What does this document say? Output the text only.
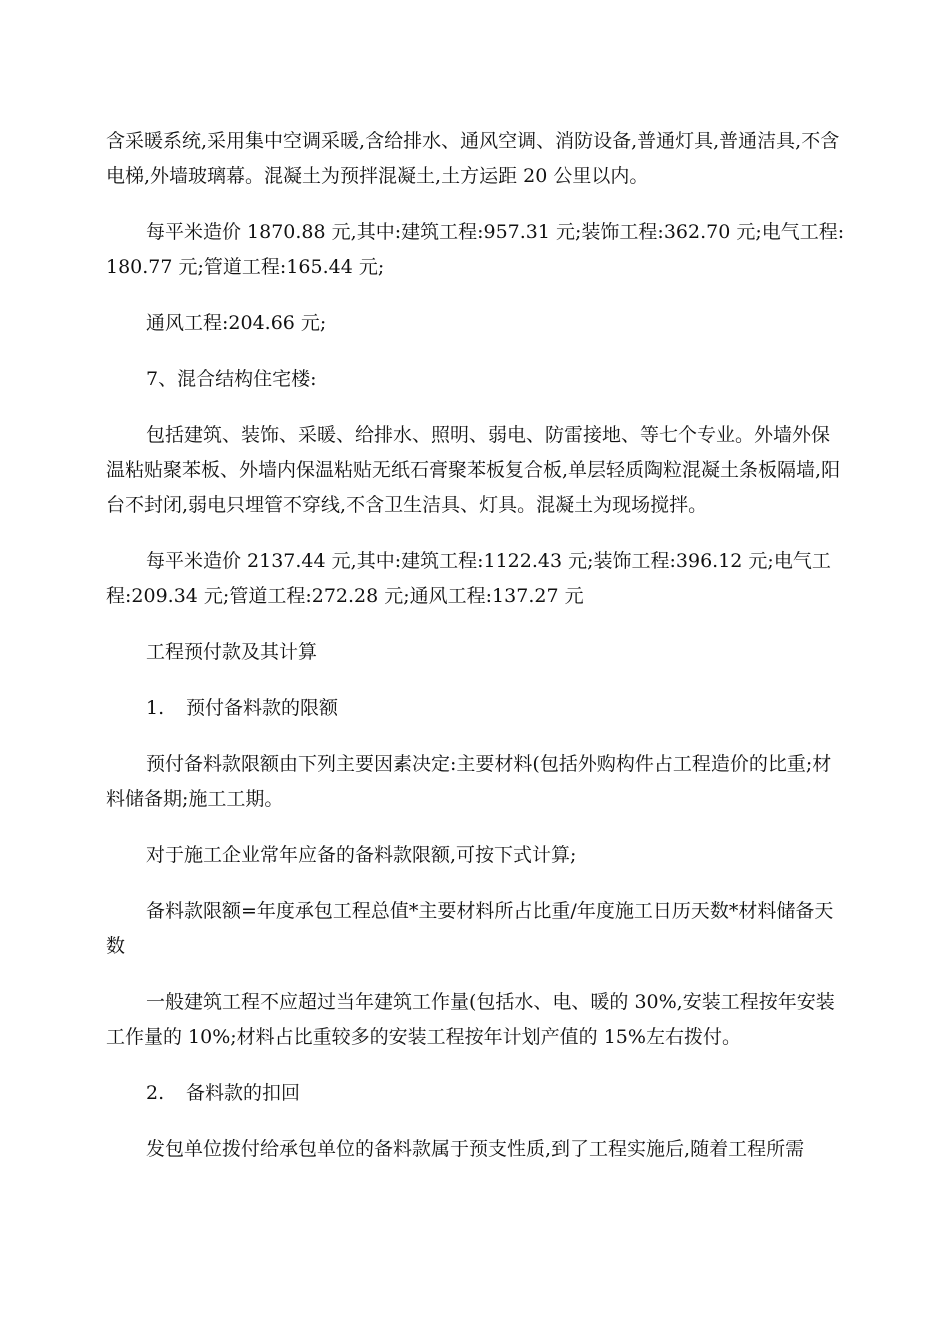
含采暖系统,采用集中空调采暖,含给排水、通风空调、消防设备,普通灯具,普通洁具,不含电梯,外墙玻璃幕。混凝土为预拌混凝土,土方运距 20 公里以内。

每平米造价 1870.88 元,其中:建筑工程:957.31 元;装饰工程:362.70 元;电气工程:180.77 元;管道工程:165.44 元;

通风工程:204.66 元;

7、混合结构住宅楼:

包括建筑、装饰、采暖、给排水、照明、弱电、防雷接地、等七个专业。外墙外保温粘贴聚苯板、外墙内保温粘贴无纸石膏聚苯板复合板,单层轻质陶粒混凝土条板隔墙,阳台不封闭,弱电只埋管不穿线,不含卫生洁具、灯具。混凝土为现场搅拌。

每平米造价 2137.44 元,其中:建筑工程:1122.43 元;装饰工程:396.12 元;电气工程:209.34 元;管道工程:272.28 元;通风工程:137.27 元

工程预付款及其计算

1. 预付备料款的限额

预付备料款限额由下列主要因素决定:主要材料(包括外购构件占工程造价的比重;材料储备期;施工工期。

对于施工企业常年应备的备料款限额,可按下式计算;

备料款限额=年度承包工程总值*主要材料所占比重/年度施工日历天数*材料储备天数

一般建筑工程不应超过当年建筑工作量(包括水、电、暖的 30%,安装工程按年安装工作量的 10%;材料占比重较多的安装工程按年计划产值的 15%左右拨付。

2. 备料款的扣回

发包单位拨付给承包单位的备料款属于预支性质,到了工程实施后,随着工程所需
